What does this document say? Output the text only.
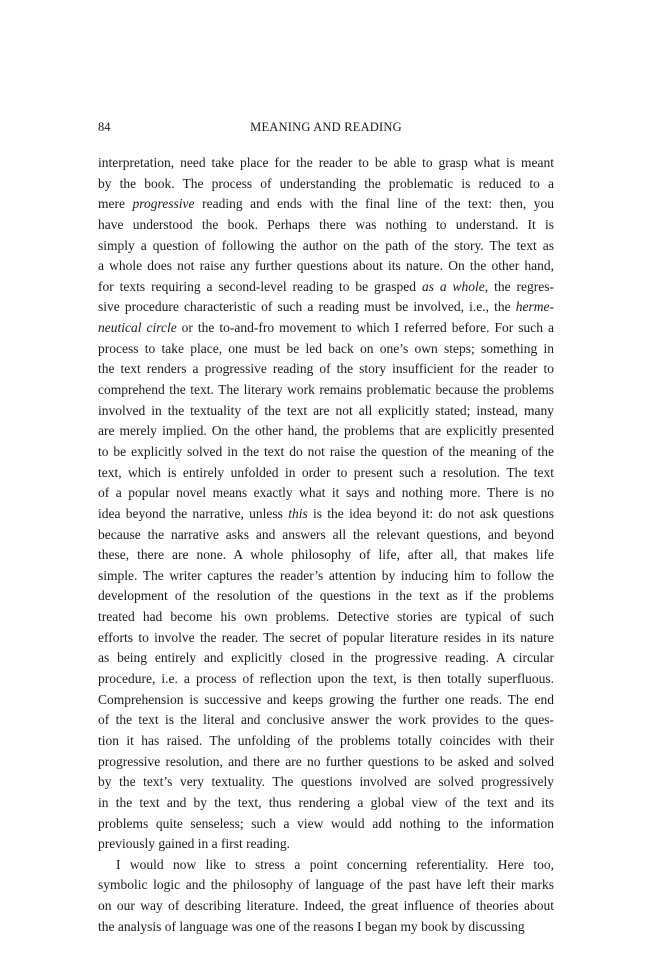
84	MEANING AND READING
interpretation, need take place for the reader to be able to grasp what is meant
by the book. The process of understanding the problematic is reduced to a
mere progressive reading and ends with the final line of the text: then, you
have understood the book. Perhaps there was nothing to understand. It is
simply a question of following the author on the path of the story. The text as
a whole does not raise any further questions about its nature. On the other hand,
for texts requiring a second-level reading to be grasped as a whole, the regres-
sive procedure characteristic of such a reading must be involved, i.e., the herme-
neutical circle or the to-and-fro movement to which I referred before. For such a
process to take place, one must be led back on one’s own steps; something in
the text renders a progressive reading of the story insufficient for the reader to
comprehend the text. The literary work remains problematic because the problems
involved in the textuality of the text are not all explicitly stated; instead, many
are merely implied. On the other hand, the problems that are explicitly presented
to be explicitly solved in the text do not raise the question of the meaning of the
text, which is entirely unfolded in order to present such a resolution. The text
of a popular novel means exactly what it says and nothing more. There is no
idea beyond the narrative, unless this is the idea beyond it: do not ask questions
because the narrative asks and answers all the relevant questions, and beyond
these, there are none. A whole philosophy of life, after all, that makes life
simple. The writer captures the reader’s attention by inducing him to follow the
development of the resolution of the questions in the text as if the problems
treated had become his own problems. Detective stories are typical of such
efforts to involve the reader. The secret of popular literature resides in its nature
as being entirely and explicitly closed in the progressive reading. A circular
procedure, i.e. a process of reflection upon the text, is then totally superfluous.
Comprehension is successive and keeps growing the further one reads. The end
of the text is the literal and conclusive answer the work provides to the ques-
tion it has raised. The unfolding of the problems totally coincides with their
progressive resolution, and there are no further questions to be asked and solved
by the text’s very textuality. The questions involved are solved progressively
in the text and by the text, thus rendering a global view of the text and its
problems quite senseless; such a view would add nothing to the information
previously gained in a first reading.
I would now like to stress a point concerning referentiality. Here too,
symbolic logic and the philosophy of language of the past have left their marks
on our way of describing literature. Indeed, the great influence of theories about
the analysis of language was one of the reasons I began my book by discussing
